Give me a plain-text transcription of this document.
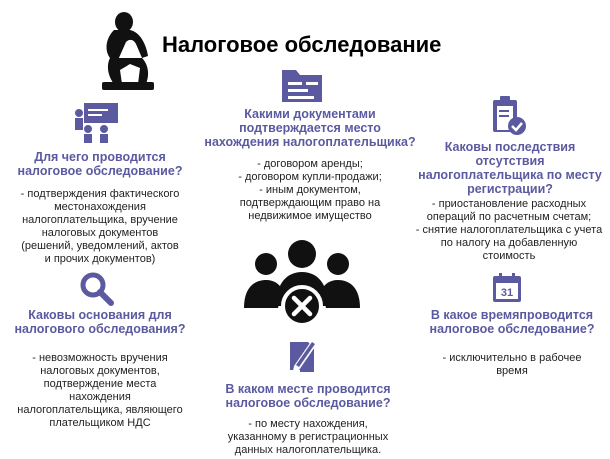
Налоговое обследование
Какими документами
подтверждается место
нахождения налогоплательщика?
- договором аренды;
- договором купли-продажи;
- иным документом,
подтверждающим право на
недвижимое имущество
Для чего проводится
налоговое обследование?
- подтверждения фактического
местонахождения
налогоплательщика, вручение
налоговых документов
(решений, уведомлений, актов
и прочих документов)
Каковы последствия
отсутствия
налогоплательщика по месту
регистрации?
- приостановление расходных
операций по расчетным счетам;
- снятие налогоплательщика с учета
по налогу на добавленную
стоимость
Каковы основания для
налогового обследования?
- невозможность вручения
налоговых документов,
подтверждение места
нахождения
налогоплательщика, являющего
плательщиком НДС
31
В какое времяпроводится
налоговое обследование?
- исключительно в рабочее
время
В каком месте проводится
налоговое обследование?
- по месту нахождения,
указанному в регистрационных
данных налогоплательщика.
